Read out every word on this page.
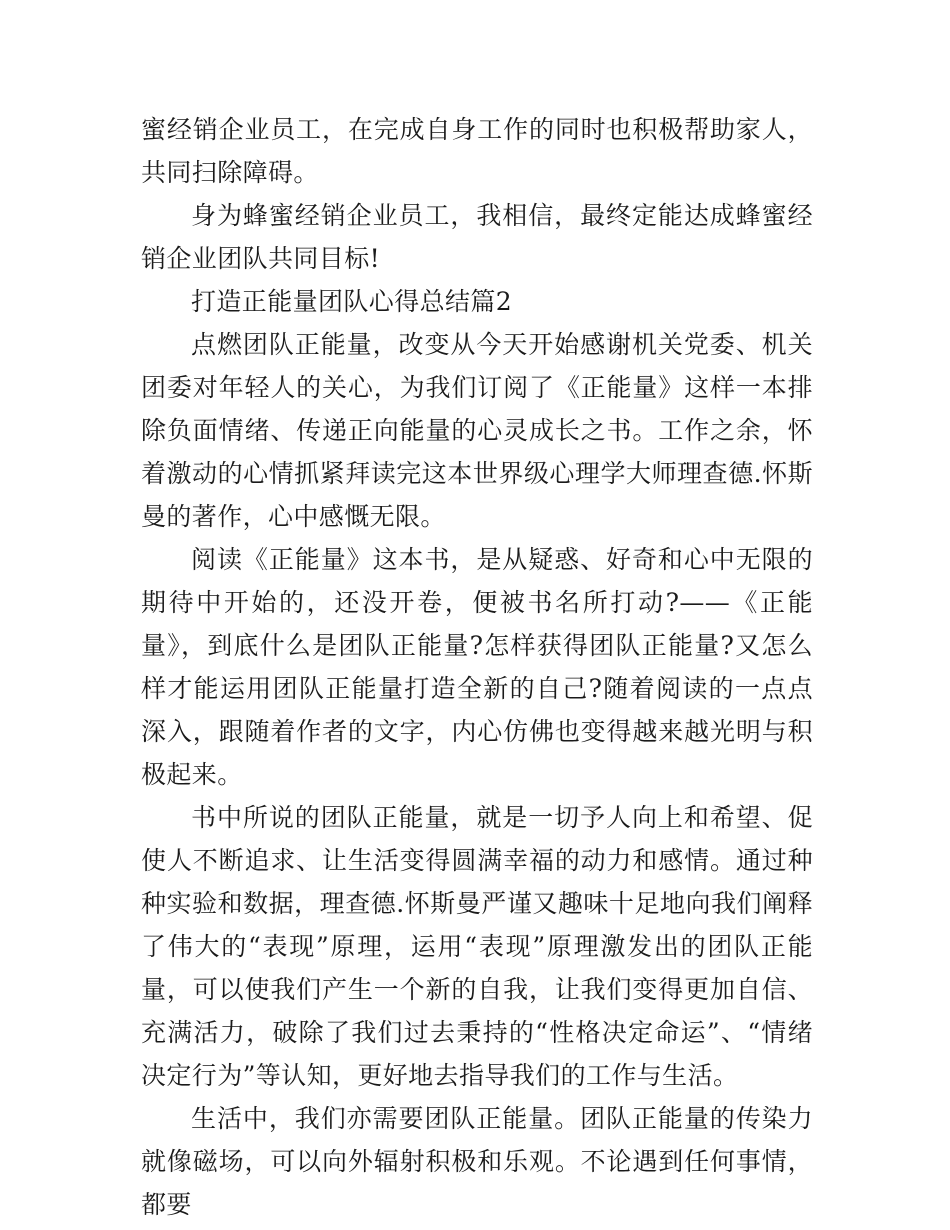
蜜经销企业员工，在完成自身工作的同时也积极帮助家人，共同扫除障碍。

身为蜂蜜经销企业员工，我相信，最终定能达成蜂蜜经销企业团队共同目标!

打造正能量团队心得总结篇2

点燃团队正能量，改变从今天开始感谢机关党委、机关团委对年轻人的关心，为我们订阅了《正能量》这样一本排除负面情绪、传递正向能量的心灵成长之书。工作之余，怀着激动的心情抓紧拜读完这本世界级心理学大师理查德.怀斯曼的著作，心中感慨无限。

阅读《正能量》这本书，是从疑惑、好奇和心中无限的期待中开始的，还没开卷，便被书名所打动?——《正能量》，到底什么是团队正能量?怎样获得团队正能量?又怎么样才能运用团队正能量打造全新的自己?随着阅读的一点点深入，跟随着作者的文字，内心仿佛也变得越来越光明与积极起来。

书中所说的团队正能量，就是一切予人向上和希望、促使人不断追求、让生活变得圆满幸福的动力和感情。通过种种实验和数据，理查德.怀斯曼严谨又趣味十足地向我们阐释了伟大的“表现”原理，运用“表现”原理激发出的团队正能量，可以使我们产生一个新的自我，让我们变得更加自信、充满活力，破除了我们过去秉持的“性格决定命运”、“情绪决定行为”等认知，更好地去指导我们的工作与生活。

生活中，我们亦需要团队正能量。团队正能量的传染力就像磁场，可以向外辐射积极和乐观。不论遇到任何事情，都要
